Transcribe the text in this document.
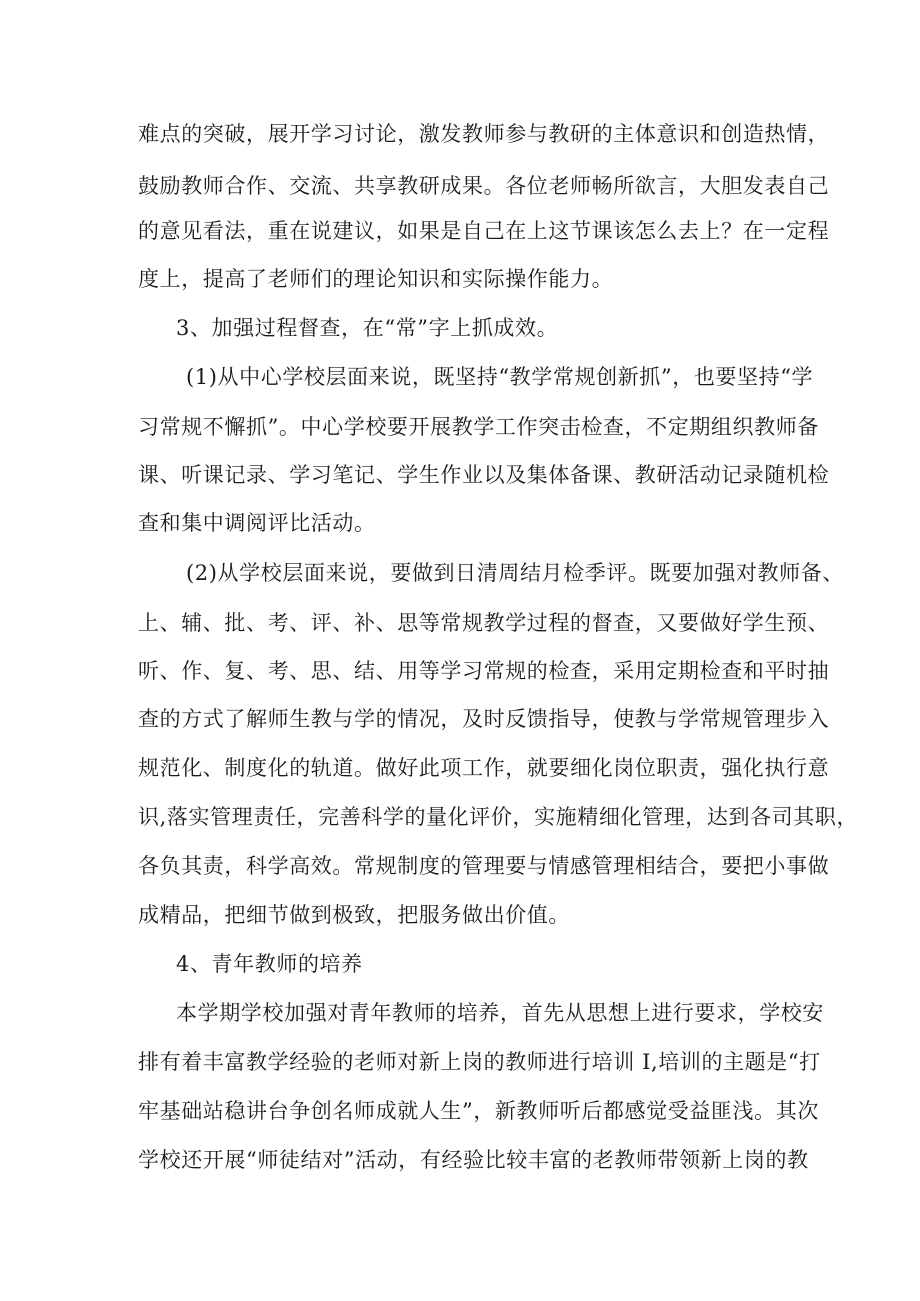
难点的突破，展开学习讨论，激发教师参与教研的主体意识和创造热情，
鼓励教师合作、交流、共享教研成果。各位老师畅所欲言，大胆发表自己
的意见看法，重在说建议，如果是自己在上这节课该怎么去上？在一定程
度上，提高了老师们的理论知识和实际操作能力。
3、加强过程督查，在“常”字上抓成效。
(1)从中心学校层面来说，既坚持“教学常规创新抓”，也要坚持“学
习常规不懈抓”。中心学校要开展教学工作突击检查，不定期组织教师备
课、听课记录、学习笔记、学生作业以及集体备课、教研活动记录随机检
查和集中调阅评比活动。
(2)从学校层面来说，要做到日清周结月检季评。既要加强对教师备、
上、辅、批、考、评、补、思等常规教学过程的督查，又要做好学生预、
听、作、复、考、思、结、用等学习常规的检查，采用定期检查和平时抽
查的方式了解师生教与学的情况，及时反馈指导，使教与学常规管理步入
规范化、制度化的轨道。做好此项工作，就要细化岗位职责，强化执行意
识,落实管理责任，完善科学的量化评价，实施精细化管理，达到各司其职，
各负其责，科学高效。常规制度的管理要与情感管理相结合，要把小事做
成精品，把细节做到极致，把服务做出价值。
4、青年教师的培养
本学期学校加强对青年教师的培养，首先从思想上进行要求，学校安
排有着丰富教学经验的老师对新上岗的教师进行培训 I,培训的主题是“打
牢基础站稳讲台争创名师成就人生”，新教师听后都感觉受益匪浅。其次
学校还开展“师徒结对”活动，有经验比较丰富的老教师带领新上岗的教
